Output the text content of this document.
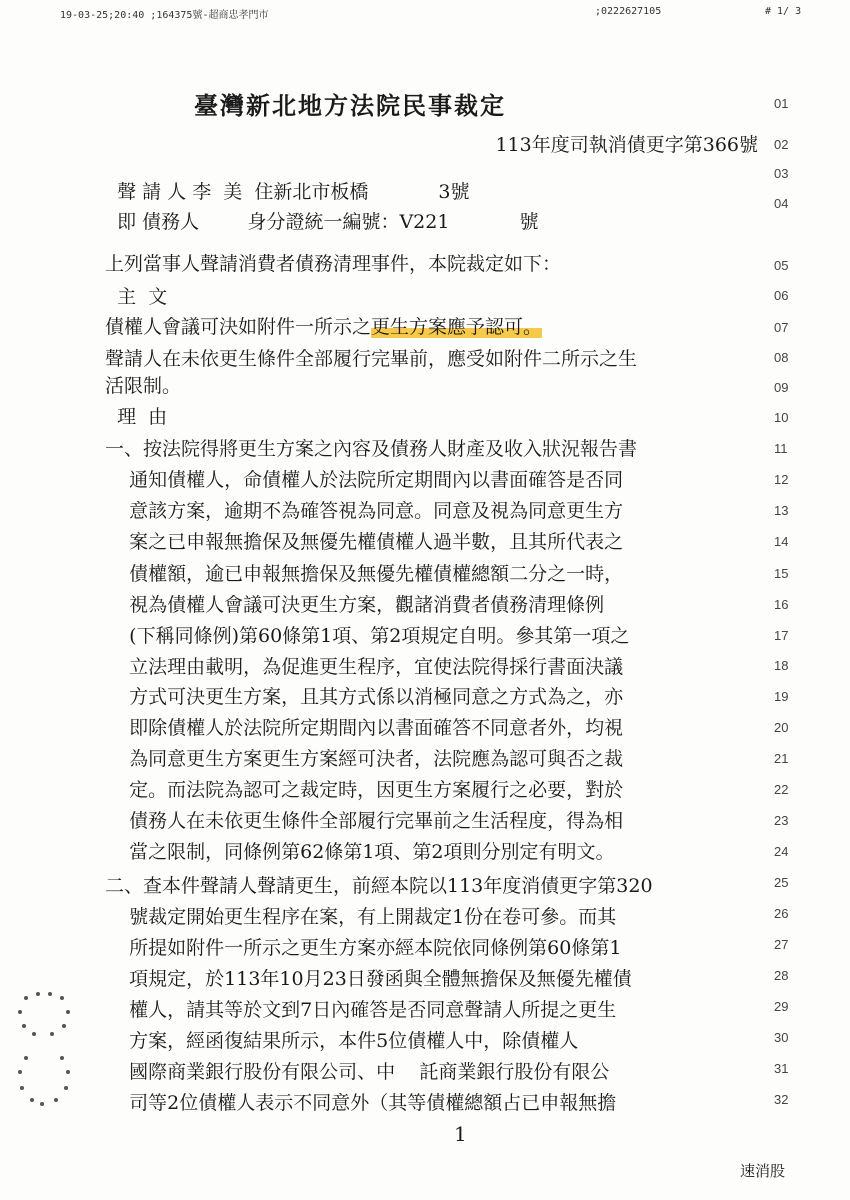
19-03-25;20:40 ;164375號-超商忠孝門市	;0222627105	# 1/ 3
臺灣新北地方法院民事裁定
113年度司執消債更字第366號

聲 請 人 李  美  住新北市板橋	3號

即 債務人        身分證統一編號：V221	號

上列當事人聲請消費者債務清理事件，本院裁定如下：
主  文
債權人會議可決如附件一所示之更生方案應予認可。
聲請人在未依更生條件全部履行完畢前，應受如附件二所示之生
活限制。
理  由
一、按法院得將更生方案之內容及債務人財產及收入狀況報告書
通知債權人，命債權人於法院所定期間內以書面確答是否同
意該方案，逾期不為確答視為同意。同意及視為同意更生方
案之已申報無擔保及無優先權債權人過半數，且其所代表之
債權額，逾已申報無擔保及無優先權債權總額二分之一時，
視為債權人會議可決更生方案，觀諸消費者債務清理條例
(下稱同條例)第60條第1項、第2項規定自明。參其第一項之
立法理由載明，為促進更生程序，宜使法院得採行書面決議
方式可決更生方案，且其方式係以消極同意之方式為之，亦
即除債權人於法院所定期間內以書面確答不同意者外，均視
為同意更生方案更生方案經可決者，法院應為認可與否之裁
定。而法院為認可之裁定時，因更生方案履行之必要，對於
債務人在未依更生條件全部履行完畢前之生活程度，得為相
當之限制，同條例第62條第1項、第2項則分別定有明文。
二、查本件聲請人聲請更生，前經本院以113年度消債更字第320
號裁定開始更生程序在案，有上開裁定1份在卷可參。而其
所提如附件一所示之更生方案亦經本院依同條例第60條第1
項規定，於113年10月23日發函與全體無擔保及無優先權債
權人，請其等於文到7日內確答是否同意聲請人所提之更生
方案，經函復結果所示，本件5位債權人中，除債權人
國際商業銀行股份有限公司、中    託商業銀行股份有限公
司等2位債權人表示不同意外（其等債權總額占已申報無擔
01
02
03
04
05
06
07
08
09
10
11
12
13
14
15
16
17
18
19
20
21
22
23
24
25
26
27
28
29
30
31
32
1
速消股
